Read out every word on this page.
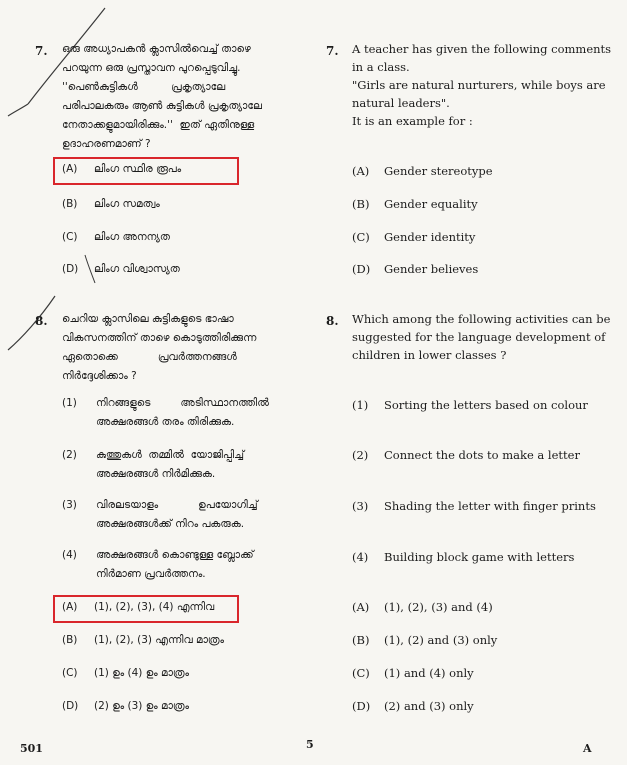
7. ഒരു അധ്യാപകൻ ക്ലാസിൽവെച്ച് താഴെ
പറയുന്ന ഒരു പ്രസ്താവന പുറപ്പെടുവിച്ചു.
''പെൺകുട്ടികൾ          പ്രകൃത്യാലേ
പരിപാലകരും ആൺ കുട്ടികൾ പ്രകൃത്യാലേ
നേതാക്കളുമായിരിക്കും.''  ഇത് ഏതിനുള്ള
ഉദാഹരണമാണ് ?
7. A teacher has given the following comments
in a class.
"Girls are natural nurturers, while boys are
natural leaders".
It is an example for :
(A)	ലിംഗ സ്ഥിര രൂപം
(B)	ലിംഗ സമത്വം
(C)	ലിംഗ അനന്യത
(D)	ലിംഗ വിശ്വാസ്യത
(A)	Gender stereotype
(B)	Gender equality
(C)	Gender identity
(D)	Gender believes
8. ചെറിയ ക്ലാസിലെ കുട്ടികളുടെ ഭാഷാ
വികസനത്തിന് താഴെ കൊടുത്തിരിക്കുന്ന
ഏതൊക്കെ            പ്രവർത്തനങ്ങൾ
നിർദ്ദേശിക്കാം ?
8. Which among the following activities can be
suggested for the language development of
children in lower classes ?
(1)	നിറങ്ങളുടെ         അടിസ്ഥാനത്തിൽ
അക്ഷരങ്ങൾ തരം തിരിക്കുക.
(2)	കുത്തുകൾ  തമ്മിൽ  യോജിപ്പിച്ച്
അക്ഷരങ്ങൾ നിർമിക്കുക.
(3)	വിരലടയാളം            ഉപയോഗിച്ച്
അക്ഷരങ്ങൾക്ക് നിറം പകരുക.
(4)	അക്ഷരങ്ങൾ കൊണ്ടുള്ള ബ്ലോക്ക്
നിർമാണ പ്രവർത്തനം.
(1)	Sorting the letters based on colour
(2)	Connect the dots to make a letter
(3)	Shading the letter with finger prints
(4)	Building block game with letters
(A)	(1), (2), (3), (4) എന്നിവ
(B)	(1), (2), (3) എന്നിവ മാത്രം
(C)	(1) ഉം (4) ഉം മാത്രം
(D)	(2) ഉം (3) ഉം മാത്രം
(A)	(1), (2), (3) and (4)
(B)	(1), (2) and (3) only
(C)	(1) and (4) only
(D)	(2) and (3) only
501	5	A
